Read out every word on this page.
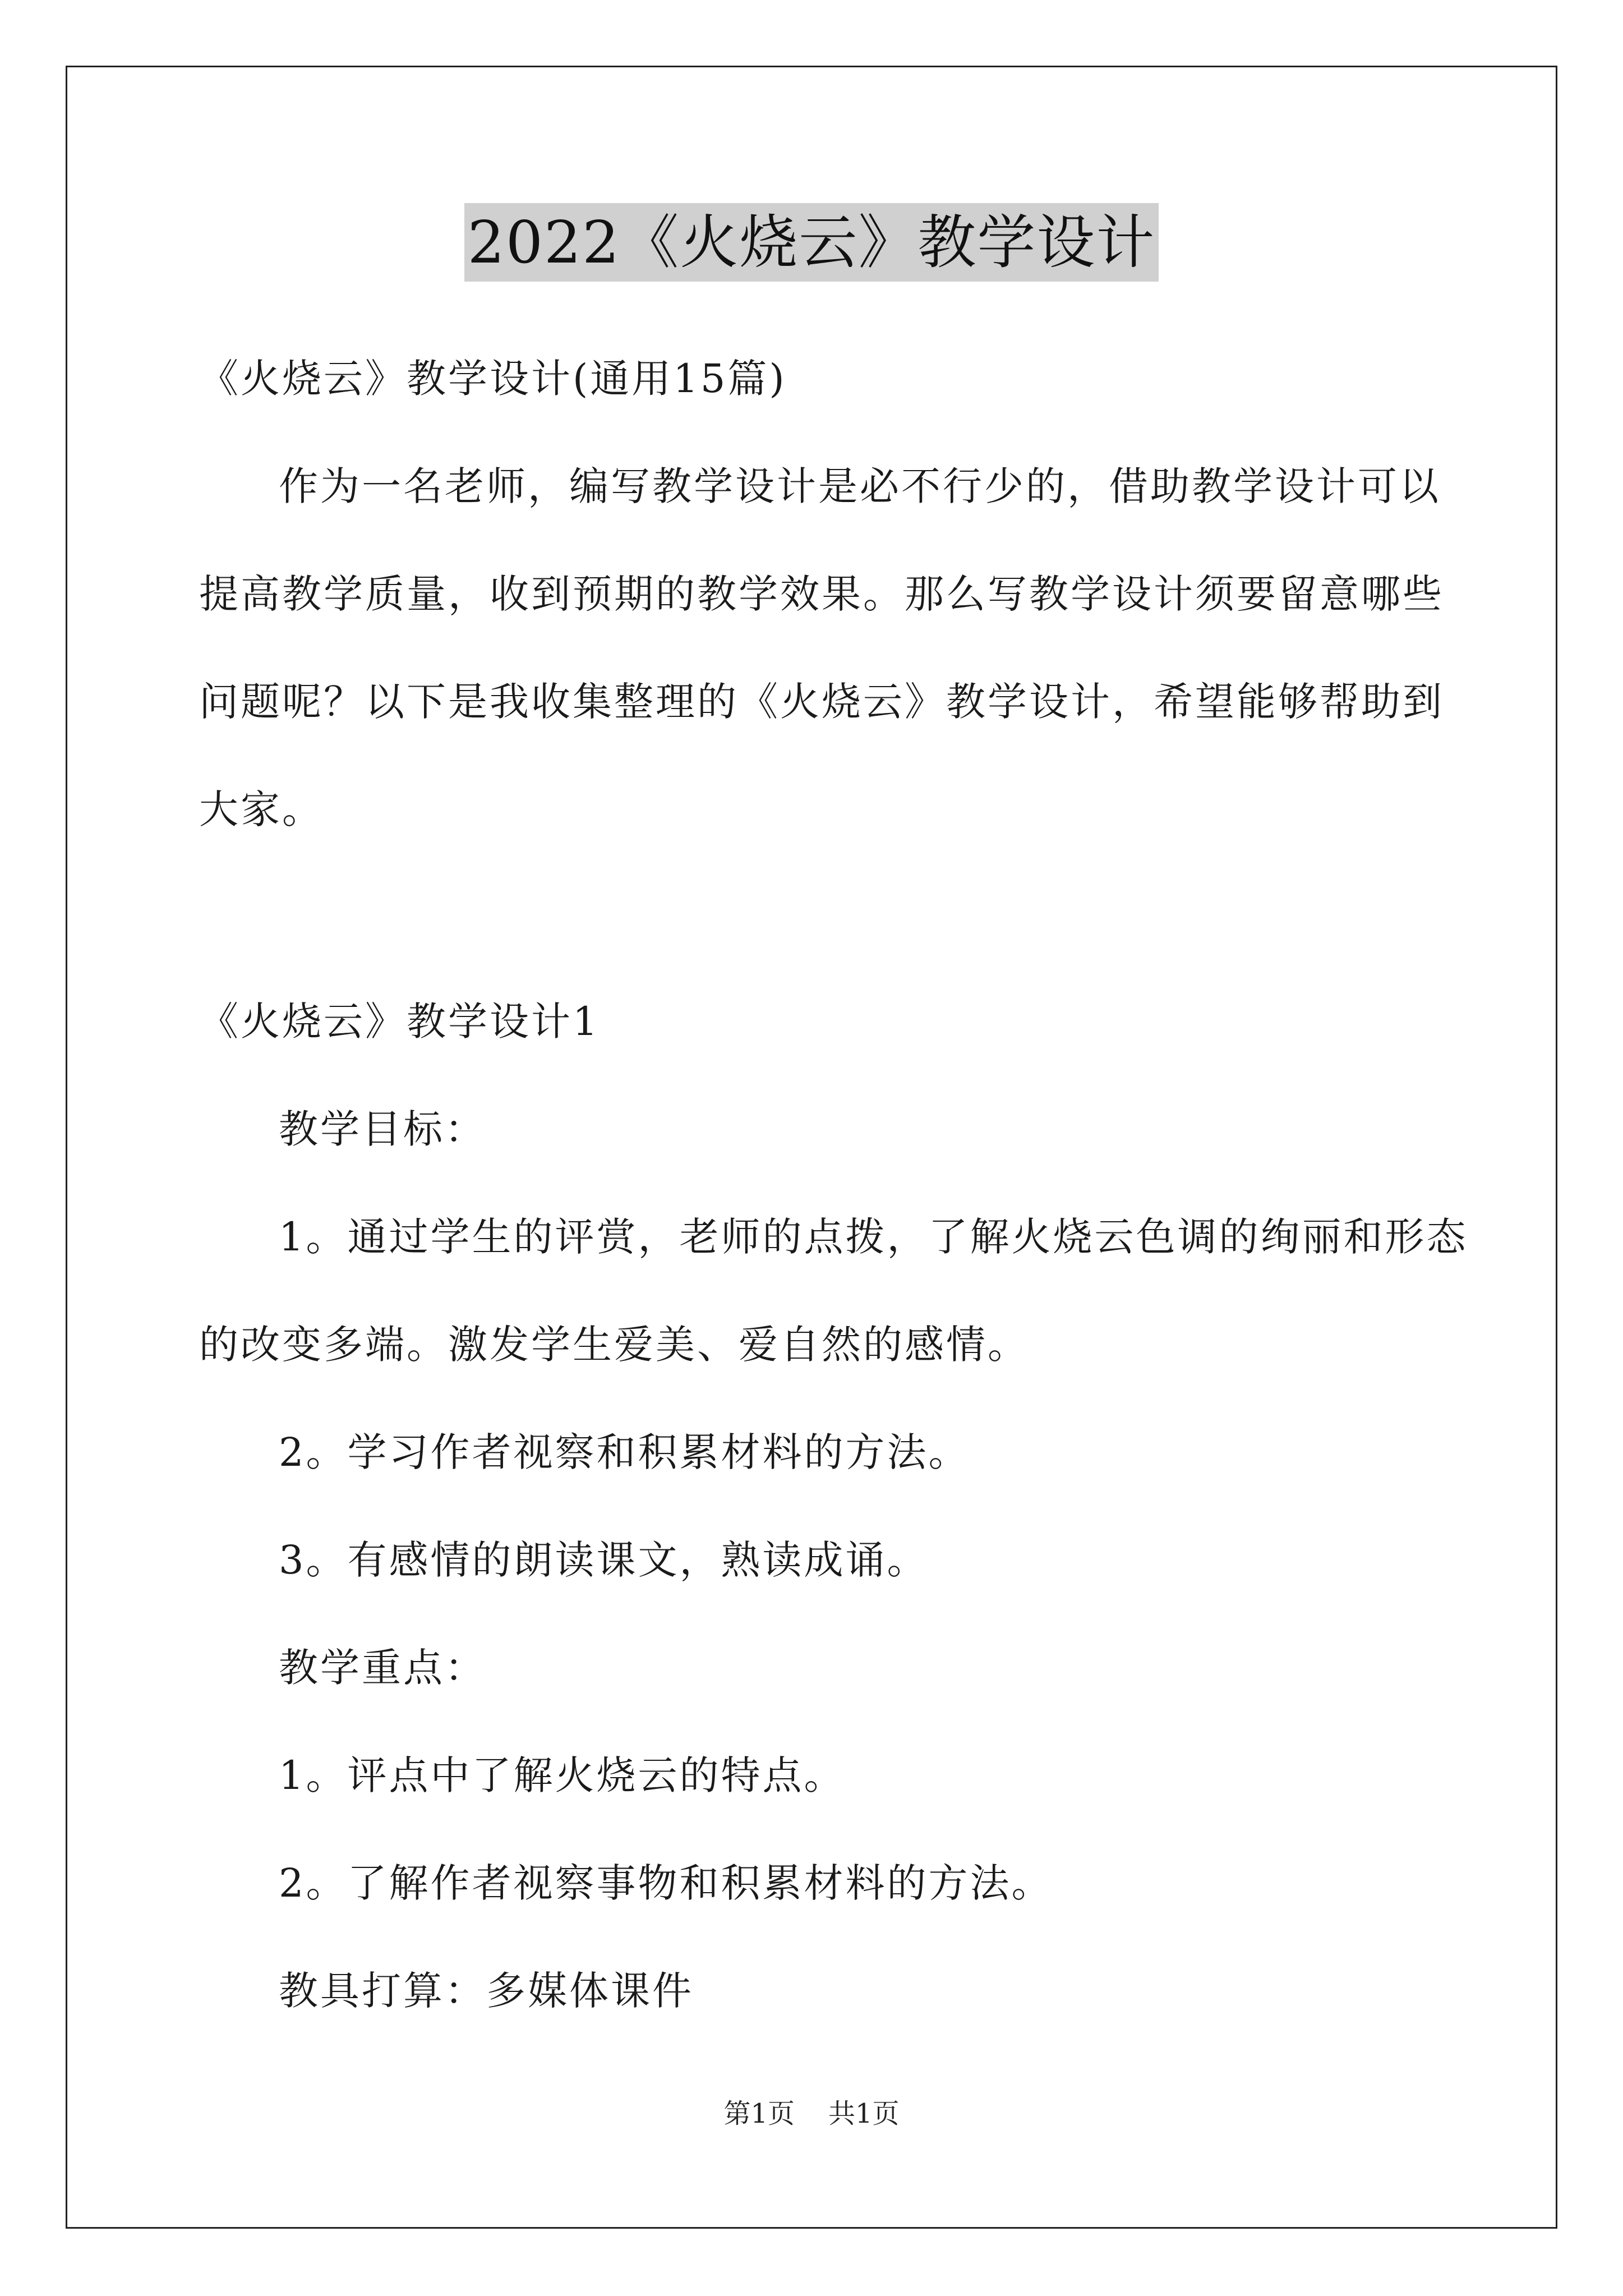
2022《火烧云》教学设计
《火烧云》教学设计(通用15篇)
作为一名老师，编写教学设计是必不行少的，借助教学设计可以
提高教学质量，收到预期的教学效果。那么写教学设计须要留意哪些
问题呢？以下是我收集整理的《火烧云》教学设计，希望能够帮助到
大家。
《火烧云》教学设计1
教学目标：
1。通过学生的评赏，老师的点拨，了解火烧云色调的绚丽和形态
的改变多端。激发学生爱美、爱自然的感情。
2。学习作者视察和积累材料的方法。
3。有感情的朗读课文，熟读成诵。
教学重点：
1。评点中了解火烧云的特点。
2。了解作者视察事物和积累材料的方法。
教具打算：多媒体课件
第1页 共1页
